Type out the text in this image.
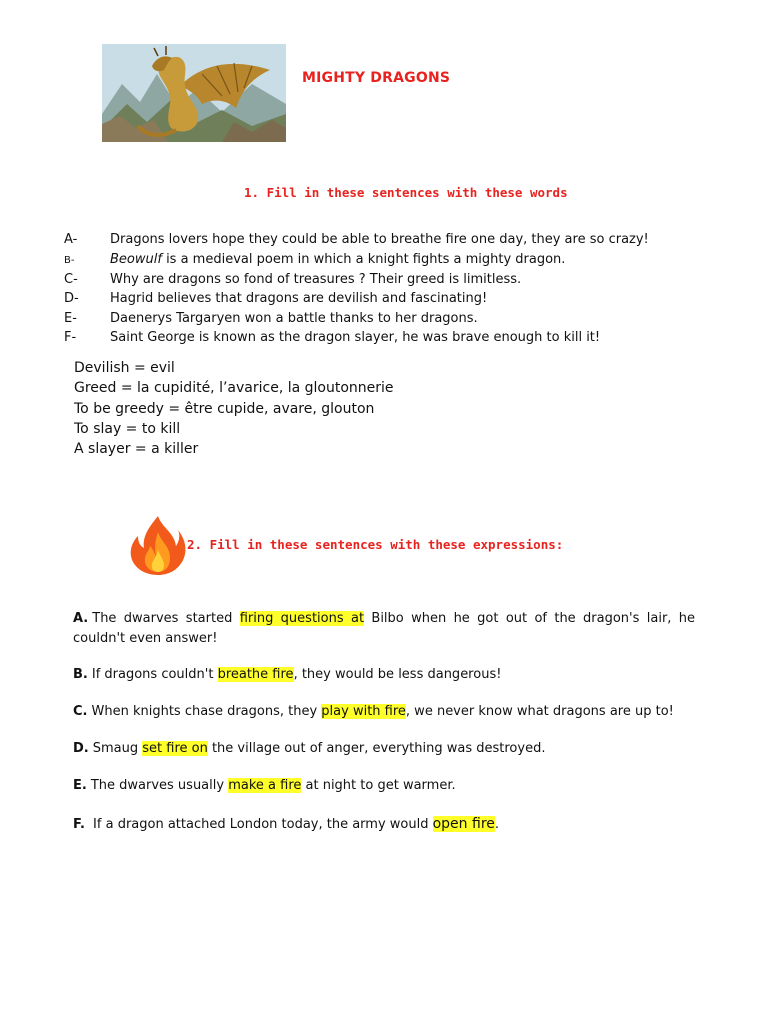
MIGHTY DRAGONS
1. Fill in these sentences with these words
A-	Dragons lovers hope they could be able to breathe fire one day, they are so crazy!
B-	Beowulf is a medieval poem in which a knight fights a mighty dragon.
C- Why are dragons so fond of treasures ? Their greed is limitless.
D- Hagrid believes that dragons are devilish and fascinating!
E-	Daenerys Targaryen won a battle thanks to her dragons.
F-	Saint George is known as the dragon slayer, he was brave enough to kill it!
Devilish = evil
Greed = la cupidité, l’avarice, la gloutonnerie
To be greedy = être cupide, avare, glouton
To slay = to kill
A slayer = a killer
2. Fill in these sentences with these expressions:
A. The dwarves started firing questions at Bilbo when he got out of the dragon's lair, he couldn't even answer!
B. If dragons couldn't breathe fire, they would be less dangerous!
C. When knights chase dragons, they play with fire, we never know what dragons are up to!
D. Smaug set fire on the village out of anger, everything was destroyed.
E. The dwarves usually make a fire at night to get warmer.
F. If a dragon attached London today, the army would open fire.
